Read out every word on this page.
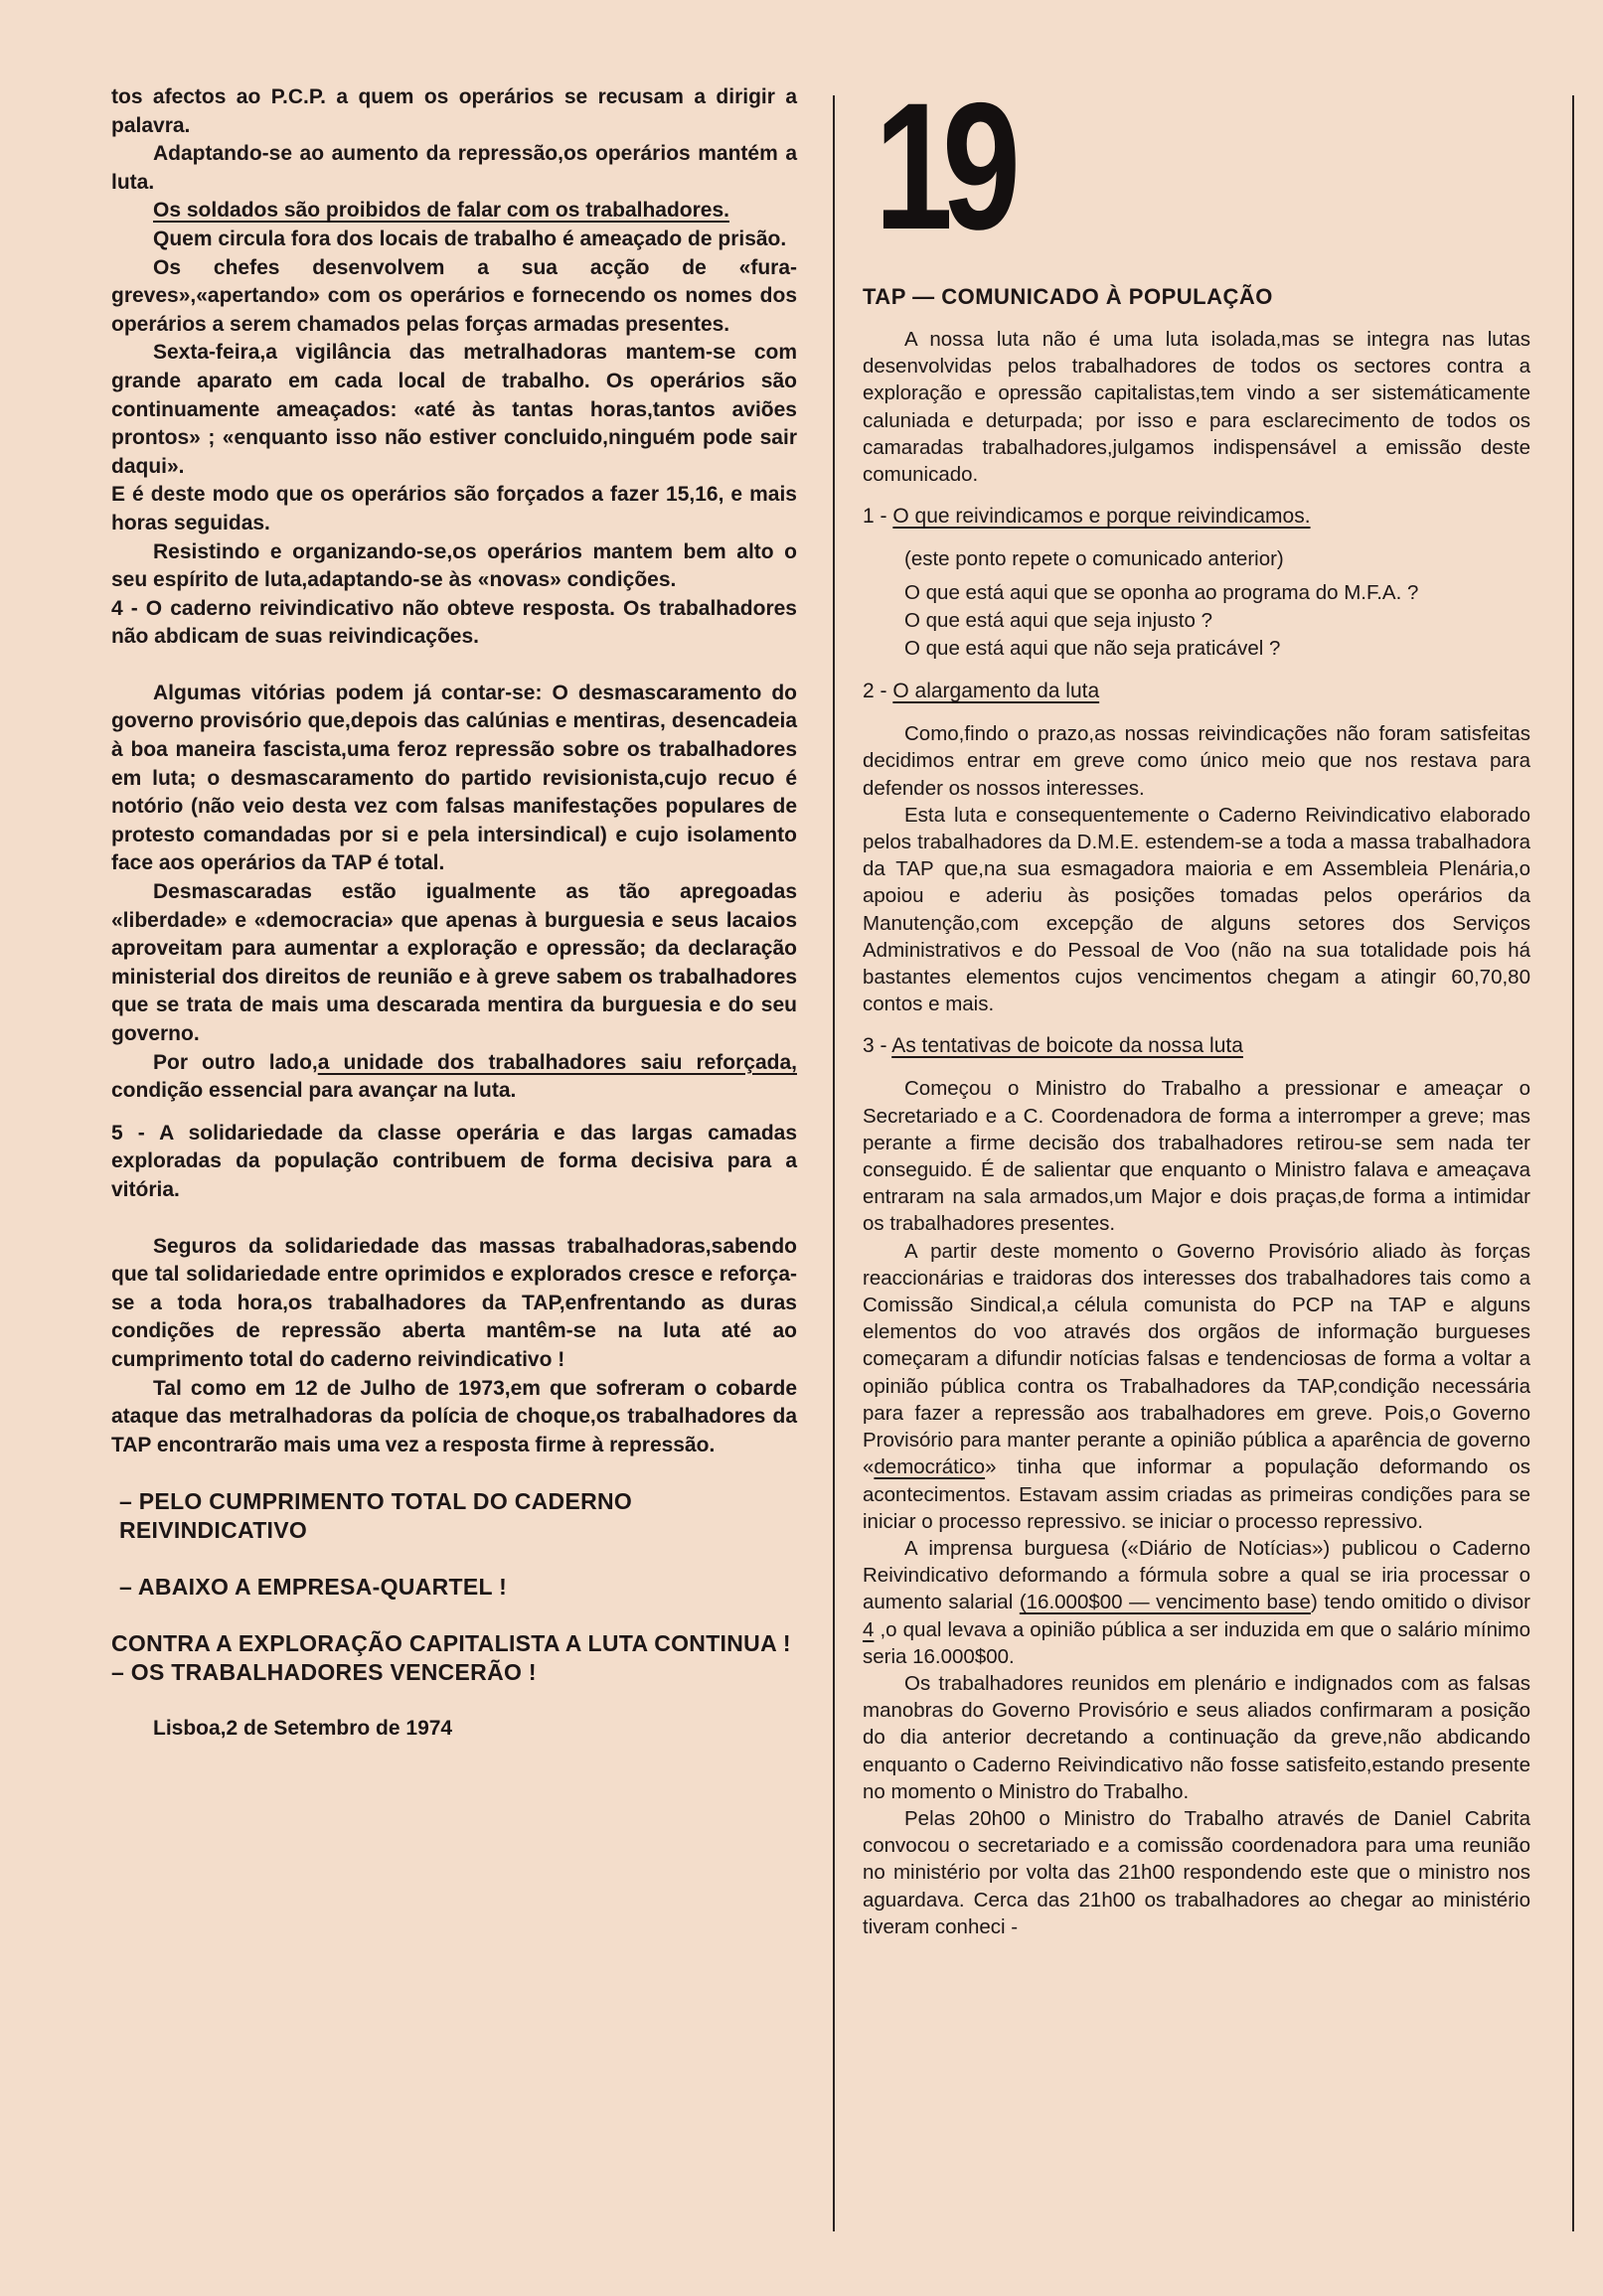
tos afectos ao P.C.P. a quem os operários se recusam a dirigir a palavra.

Adaptando-se ao aumento da repressão,os operários mantém a luta.

Os soldados são proibidos de falar com os trabalhadores.

Quem circula fora dos locais de trabalho é ameaçado de prisão.

Os chefes desenvolvem a sua acção de «fura-greves»,«apertando» com os operários e fornecendo os nomes dos operários a serem chamados pelas forças armadas presentes.

Sexta-feira,a vigilância das metralhadoras mantem-se com grande aparato em cada local de trabalho. Os operários são continuamente ameaçados: «até às tantas horas,tantos aviões prontos» ; «enquanto isso não estiver concluido,ninguém pode sair daqui».

E é deste modo que os operários são forçados a fazer 15,16, e mais horas seguidas.

Resistindo e organizando-se,os operários mantem bem alto o seu espírito de luta,adaptando-se às «novas» condições.

4 - O caderno reivindicativo não obteve resposta. Os trabalhadores não abdicam de suas reivindicações.

Algumas vitórias podem já contar-se: O desmascaramento do governo provisório que,depois das calúnias e mentiras, desencadeia à boa maneira fascista,uma feroz repressão sobre os trabalhadores em luta; o desmascaramento do partido revisionista,cujo recuo é notório (não veio desta vez com falsas manifestações populares de protesto comandadas por si e pela intersindical) e cujo isolamento face aos operários da TAP é total.

Desmascaradas estão igualmente as tão apregoadas «liberdade» e «democracia» que apenas à burguesia e seus lacaios aproveitam para aumentar a exploração e opressão; da declaração ministerial dos direitos de reunião e à greve sabem os trabalhadores que se trata de mais uma descarada mentira da burguesia e do seu governo.

Por outro lado,a unidade dos trabalhadores saiu reforçada, condição essencial para avançar na luta.

5 - A solidariedade da classe operária e das largas camadas exploradas da população contribuem de forma decisiva para a vitória.

Seguros da solidariedade das massas trabalhadoras,sabendo que tal solidariedade entre oprimidos e explorados cresce e reforça-se a toda hora,os trabalhadores da TAP,enfrentando as duras condições de repressão aberta mantêm-se na luta até ao cumprimento total do caderno reivindicativo !

Tal como em 12 de Julho de 1973,em que sofreram o cobarde ataque das metralhadoras da polícia de choque,os trabalhadores da TAP encontrarão mais uma vez a resposta firme à repressão.

– PELO CUMPRIMENTO TOTAL DO CADERNO REIVINDICATIVO

– ABAIXO A EMPRESA-QUARTEL !

CONTRA A EXPLORAÇÃO CAPITALISTA A LUTA CONTINUA !

– OS TRABALHADORES VENCERÃO !

Lisboa,2 de Setembro de 1974

19

TAP — COMUNICADO À POPULAÇÃO

A nossa luta não é uma luta isolada,mas se integra nas lutas desenvolvidas pelos trabalhadores de todos os sectores contra a exploração e opressão capitalistas,tem vindo a ser sistemáticamente caluniada e deturpada; por isso e para esclarecimento de todos os camaradas trabalhadores,julgamos indispensável a emissão deste comunicado.

1 - O que reivindicamos e porque reivindicamos.

(este ponto repete o comunicado anterior)

O que está aqui que se oponha ao programa do M.F.A. ?

O que está aqui que seja injusto ?

O que está aqui que não seja praticável ?

2 - O alargamento da luta

Como,findo o prazo,as nossas reivindicações não foram satisfeitas decidimos entrar em greve como único meio que nos restava para defender os nossos interesses.

Esta luta e consequentemente o Caderno Reivindicativo elaborado pelos trabalhadores da D.M.E. estendem-se a toda a massa trabalhadora da TAP que,na sua esmagadora maioria e em Assembleia Plenária,o apoiou e aderiu às posições tomadas pelos operários da Manutenção,com excepção de alguns setores dos Serviços Administrativos e do Pessoal de Voo (não na sua totalidade pois há bastantes elementos cujos vencimentos chegam a atingir 60,70,80 contos e mais.

3 - As tentativas de boicote da nossa luta

Começou o Ministro do Trabalho a pressionar e ameaçar o Secretariado e a C. Coordenadora de forma a interromper a greve; mas perante a firme decisão dos trabalhadores retirou-se sem nada ter conseguido. É de salientar que enquanto o Ministro falava e ameaçava entraram na sala armados,um Major e dois praças,de forma a intimidar os trabalhadores presentes.

A partir deste momento o Governo Provisório aliado às forças reaccionárias e traidoras dos interesses dos trabalhadores tais como a Comissão Sindical,a célula comunista do PCP na TAP e alguns elementos do voo através dos orgãos de informação burgueses começaram a difundir notícias falsas e tendenciosas de forma a voltar a opinião pública contra os Trabalhadores da TAP,condição necessária para fazer a repressão aos trabalhadores em greve. Pois,o Governo Provisório para manter perante a opinião pública a aparência de governo «democrático» tinha que informar a população deformando os acontecimentos. Estavam assim criadas as primeiras condições para se iniciar o processo repressivo. se iniciar o processo repressivo.

A imprensa burguesa («Diário de Notícias») publicou o Caderno Reivindicativo deformando a fórmula sobre a qual se iria processar o aumento salarial (16.000$00 — vencimento base) tendo omitido o divisor 4 ,o qual levava a opinião pública a ser induzida em que o salário mínimo seria 16.000$00.

Os trabalhadores reunidos em plenário e indignados com as falsas manobras do Governo Provisório e seus aliados confirmaram a posição do dia anterior decretando a continuação da greve,não abdicando enquanto o Caderno Reivindicativo não fosse satisfeito,estando presente no momento o Ministro do Trabalho.

Pelas 20h00 o Ministro do Trabalho através de Daniel Cabrita convocou o secretariado e a comissão coordenadora para uma reunião no ministério por volta das 21h00 respondendo este que o ministro nos aguardava. Cerca das 21h00 os trabalhadores ao chegar ao ministério tiveram conheci -
